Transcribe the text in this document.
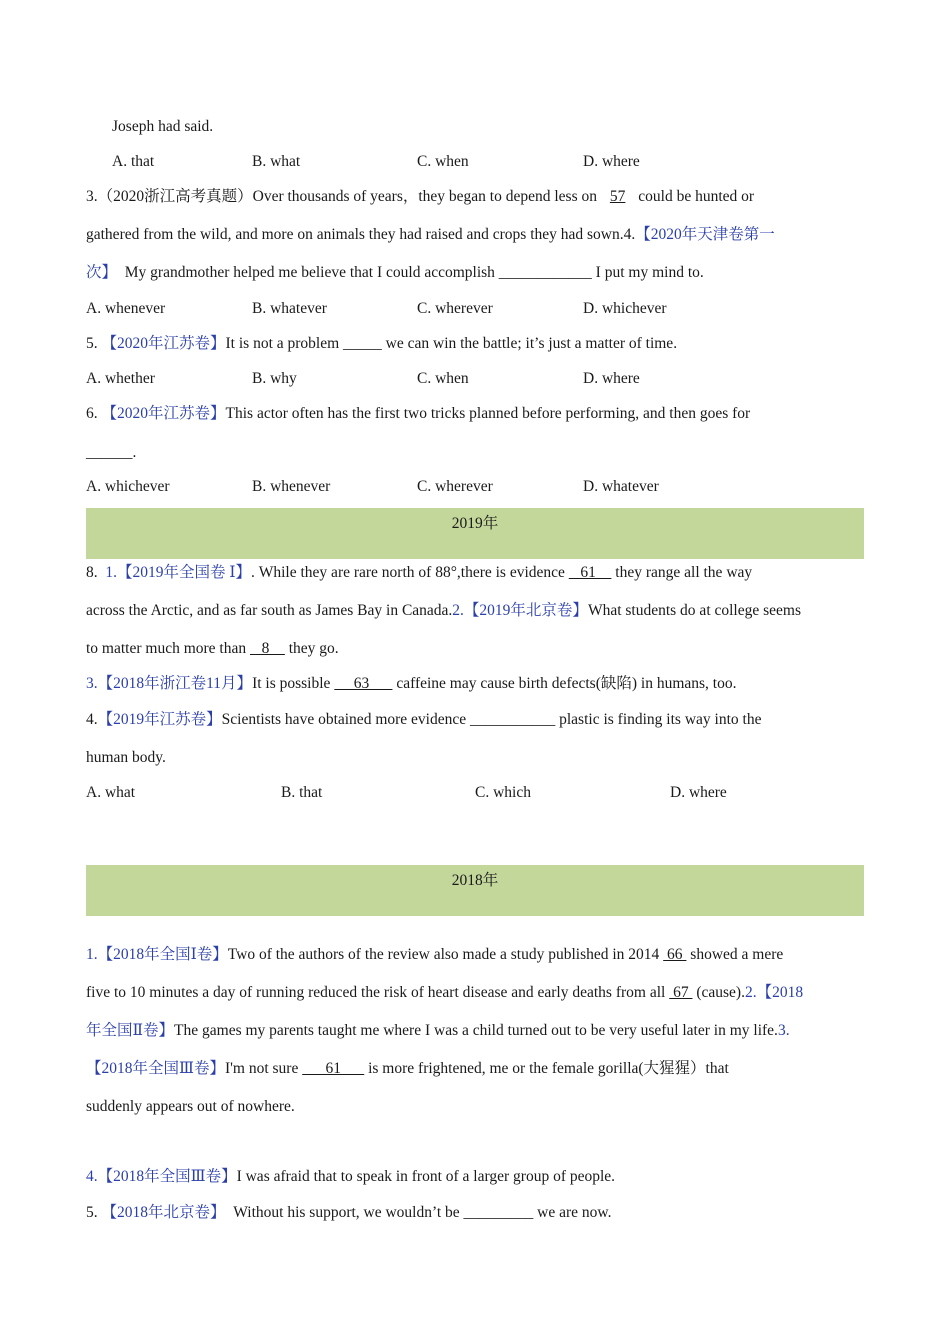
Joseph had said.
A. that	B. what	C. when	D. where
3.（2020浙江高考真题）Over thousands of years，they began to depend less on 57 could be hunted or
gathered from the wild, and more on animals they had raised and crops they had sown.4.【2020年天津卷第一
次】 My grandmother helped me believe that I could accomplish ____________ I put my mind to.
A. whenever	B. whatever	C. wherever	D. whichever
5. 【2020年江苏卷】It is not a problem _____ we can win the battle; it’s just a matter of time.
A. whether	B. why	C. when	D. where
6. 【2020年江苏卷】This actor often has the first two tricks planned before performing, and then goes for
______.
A. whichever	B. whenever	C. wherever	D. whatever
2019年
8. 1.【2019年全国卷 Ⅰ】. While they are rare north of 88°,there is evidence    61     they range all the way
across the Arctic, and as far south as James Bay in Canada.2.【2019年北京卷】What students do at college seems
to matter much more than    8     they go.
3.【2018年浙江卷11月】It is possible      63       caffeine may cause birth defects(缺陷) in humans, too.
4.【2019年江苏卷】Scientists have obtained more evidence ___________ plastic is finding its way into the
human body.
A. what	B. that	C. which	D. where
2018年
1.【2018年全国Ⅰ卷】Two of the authors of the review also made a study published in 2014  66  showed a mere
five to 10 minutes a day of running reduced the risk of heart disease and early deaths from all  67  (cause).2.【2018
年全国Ⅱ卷】The games my parents taught me where I was a child turned out to be very useful later in my life.3.
【2018年全国Ⅲ卷】I'm not sure       61       is more frightened, me or the female gorilla(大猩猩）that
suddenly appears out of nowhere.
4.【2018年全国Ⅲ卷】I was afraid that to speak in front of a larger group of people.
5. 【2018年北京卷】  Without his support, we wouldn’t be _________ we are now.
